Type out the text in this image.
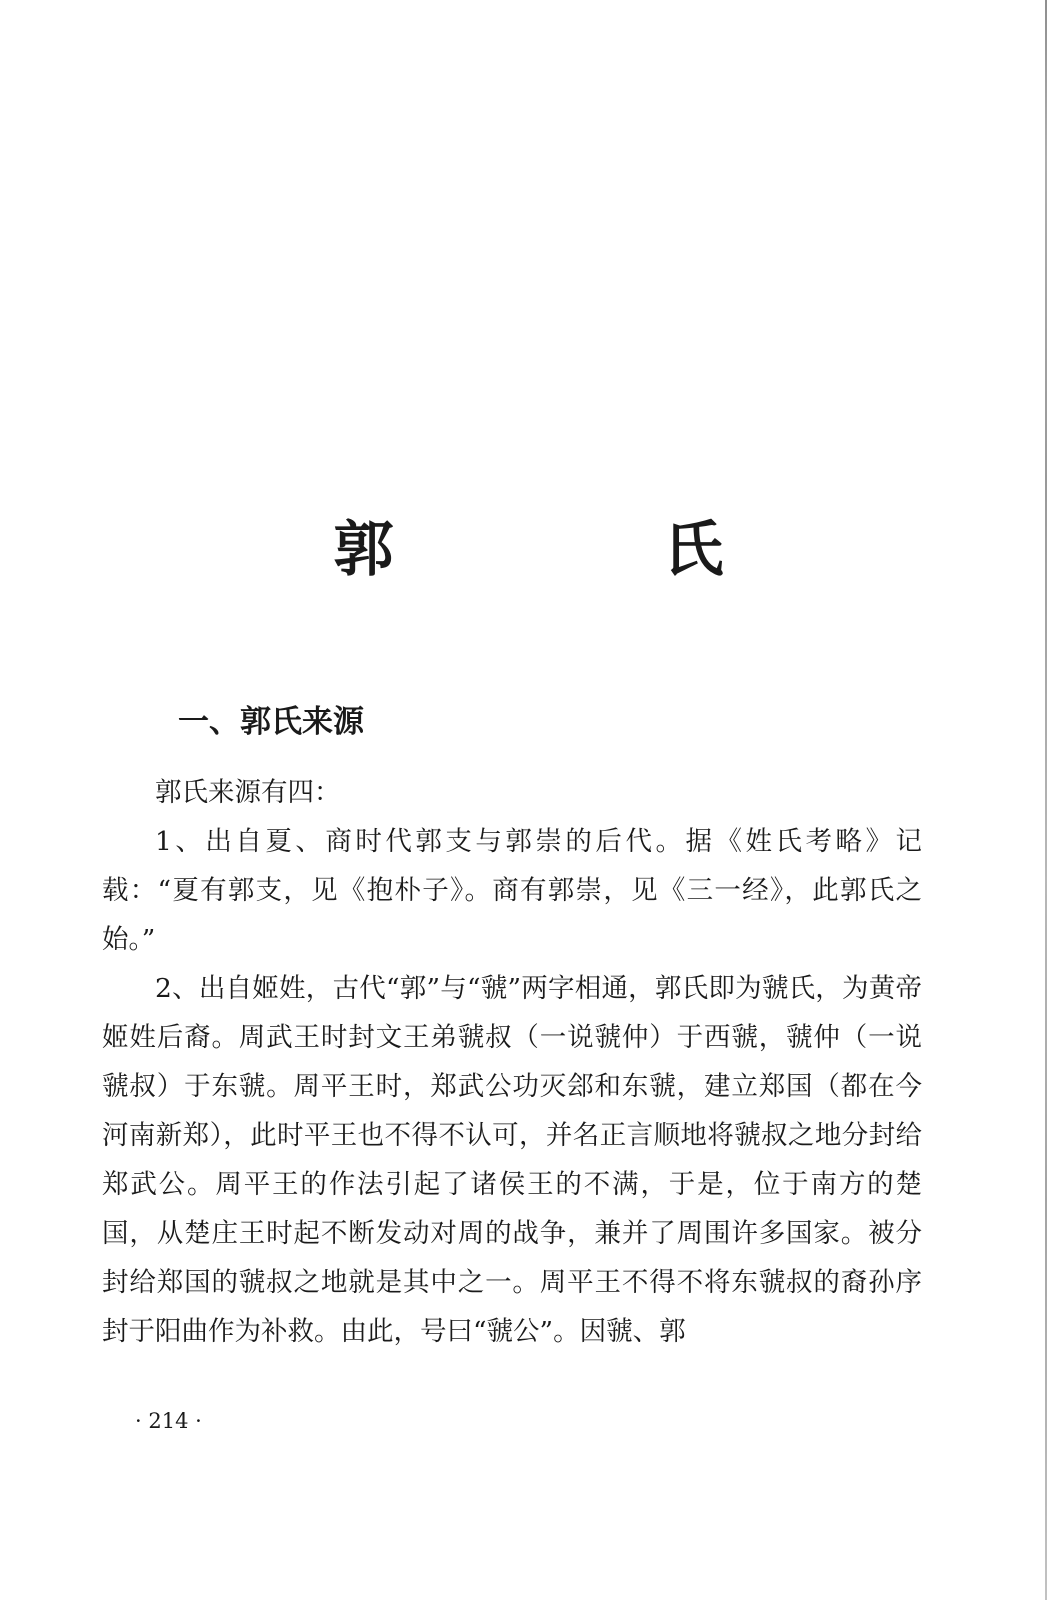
郭　氏
一、郭氏来源

郭氏来源有四：

1、出自夏、商时代郭支与郭崇的后代。据《姓氏考略》记载：“夏有郭支，见《抱朴子》。商有郭崇，见《三一经》，此郭氏之始。”

2、出自姬姓，古代“郭”与“虢”两字相通，郭氏即为虢氏，为黄帝姬姓后裔。周武王时封文王弟虢叔（一说虢仲）于西虢，虢仲（一说虢叔）于东虢。周平王时，郑武公功灭郐和东虢，建立郑国（都在今河南新郑），此时平王也不得不认可，并名正言顺地将虢叔之地分封给郑武公。周平王的作法引起了诸侯王的不满，于是，位于南方的楚国，从楚庄王时起不断发动对周的战争，兼并了周围许多国家。被分封给郑国的虢叔之地就是其中之一。周平王不得不将东虢叔的裔孙序封于阳曲作为补救。由此，号曰“虢公”。因虢、郭

· 214 ·
